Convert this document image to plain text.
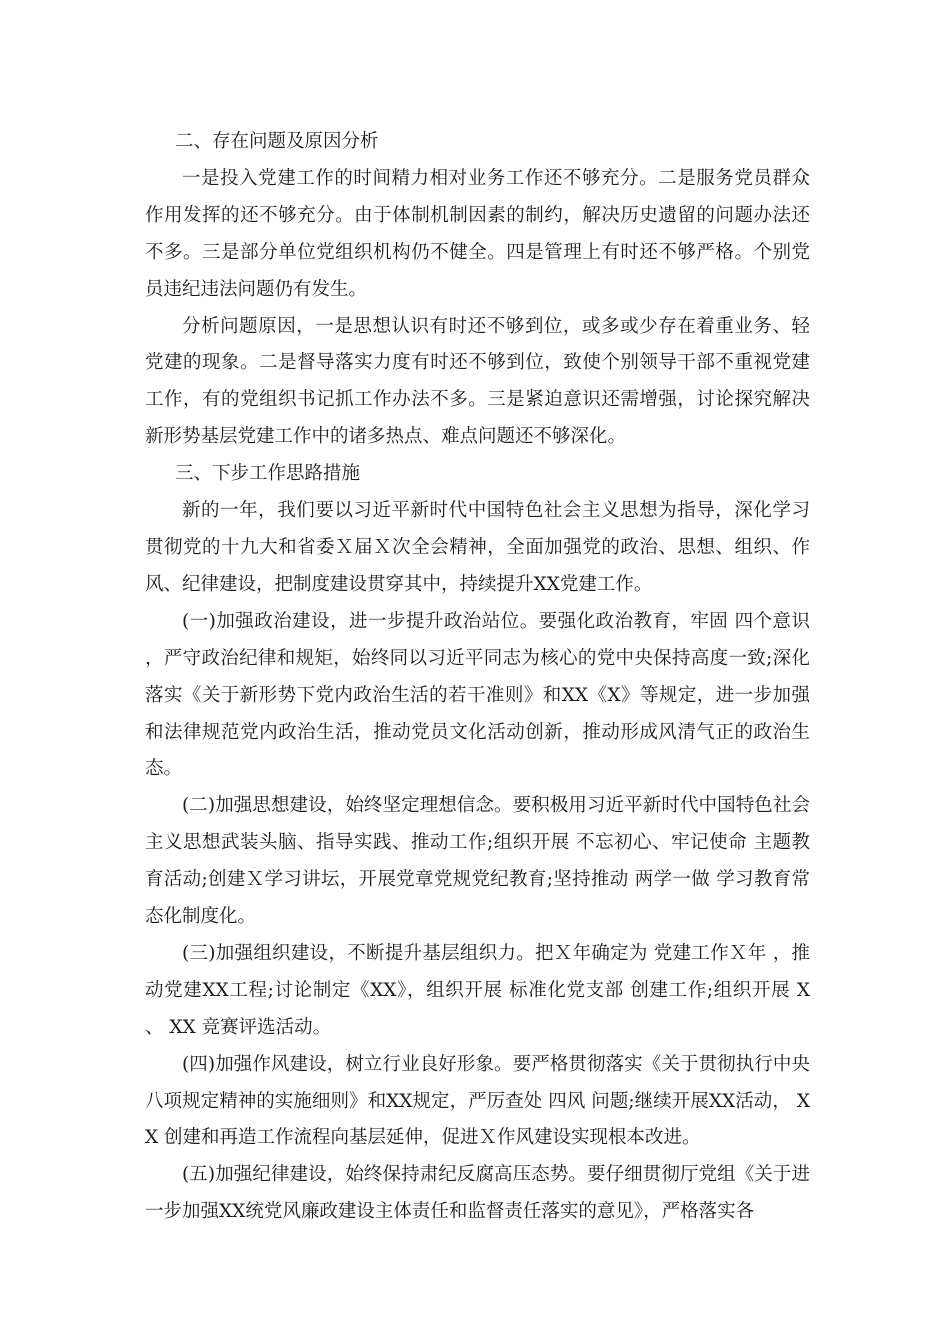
二、存在问题及原因分析

一是投入党建工作的时间精力相对业务工作还不够充分。二是服务党员群众作用发挥的还不够充分。由于体制机制因素的制约，解决历史遗留的问题办法还不多。三是部分单位党组织机构仍不健全。四是管理上有时还不够严格。个别党员违纪违法问题仍有发生。

分析问题原因，一是思想认识有时还不够到位，或多或少存在着重业务、轻党建的现象。二是督导落实力度有时还不够到位，致使个别领导干部不重视党建工作，有的党组织书记抓工作办法不多。三是紧迫意识还需增强，讨论探究解决新形势基层党建工作中的诸多热点、难点问题还不够深化。

三、下步工作思路措施

新的一年，我们要以习近平新时代中国特色社会主义思想为指导，深化学习贯彻党的十九大和省委Ｘ届Ｘ次全会精神，全面加强党的政治、思想、组织、作风、纪律建设，把制度建设贯穿其中，持续提升XX党建工作。

(一)加强政治建设，进一步提升政治站位。要强化政治教育，牢固 四个意识 ，严守政治纪律和规矩，始终同以习近平同志为核心的党中央保持高度一致;深化落实《关于新形势下党内政治生活的若干准则》和XX《X》等规定，进一步加强和法律规范党内政治生活，推动党员文化活动创新，推动形成风清气正的政治生态。

(二)加强思想建设，始终坚定理想信念。要积极用习近平新时代中国特色社会主义思想武装头脑、指导实践、推动工作;组织开展 不忘初心、牢记使命 主题教育活动;创建Ｘ学习讲坛，开展党章党规党纪教育;坚持推动 两学一做 学习教育常态化制度化。

(三)加强组织建设，不断提升基层组织力。把Ｘ年确定为 党建工作Ｘ年 ，推动党建XX工程;讨论制定《XX》，组织开展 标准化党支部 创建工作;组织开展 X 、 XX 竞赛评选活动。

(四)加强作风建设，树立行业良好形象。要严格贯彻落实《关于贯彻执行中央八项规定精神的实施细则》和XX规定，严厉查处 四风 问题;继续开展XX活动， XX 创建和再造工作流程向基层延伸，促进Ｘ作风建设实现根本改进。

(五)加强纪律建设，始终保持肃纪反腐高压态势。要仔细贯彻厅党组《关于进一步加强XX统党风廉政建设主体责任和监督责任落实的意见》，严格落实各
